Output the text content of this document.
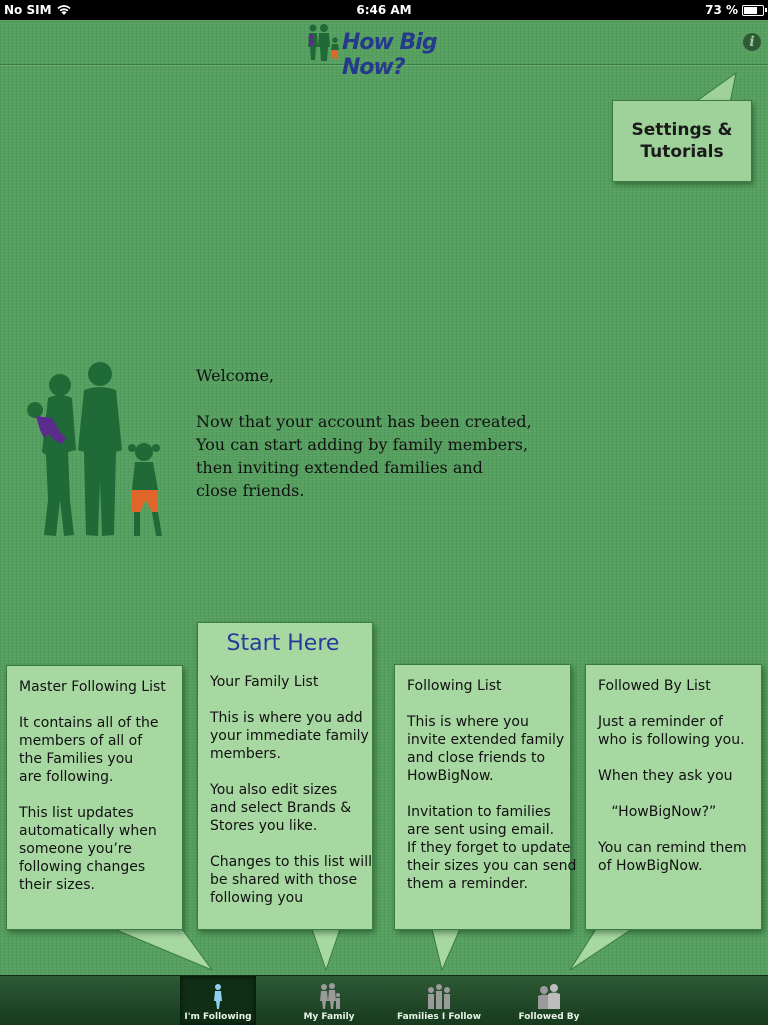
No SIM	6:46 AM	73 %
How Big Now?
i
Settings &
Tutorials

Welcome,

Now that your account has been created,

You can start adding by family members,

then inviting extended families and

close friends.

Master Following List
It contains all of the
members of all of
the Families you
are following.
This list updates
automatically when
someone you’re
following changes
their sizes.
Start Here
Your Family List
This is where you add
your immediate family
members.
You also edit sizes
and select Brands &
Stores you like.
Changes to this list will
be shared with those
following you
Following List
This is where you
invite extended family
and close friends to
HowBigNow.
Invitation to families
are sent using email.
If they forget to update
their sizes you can send
them a reminder.
Followed By List
Just a reminder of
who is following you.
When they ask you
“HowBigNow?”
You can remind them
of HowBigNow.
I'm Following	My Family	Families I Follow	Followed By
